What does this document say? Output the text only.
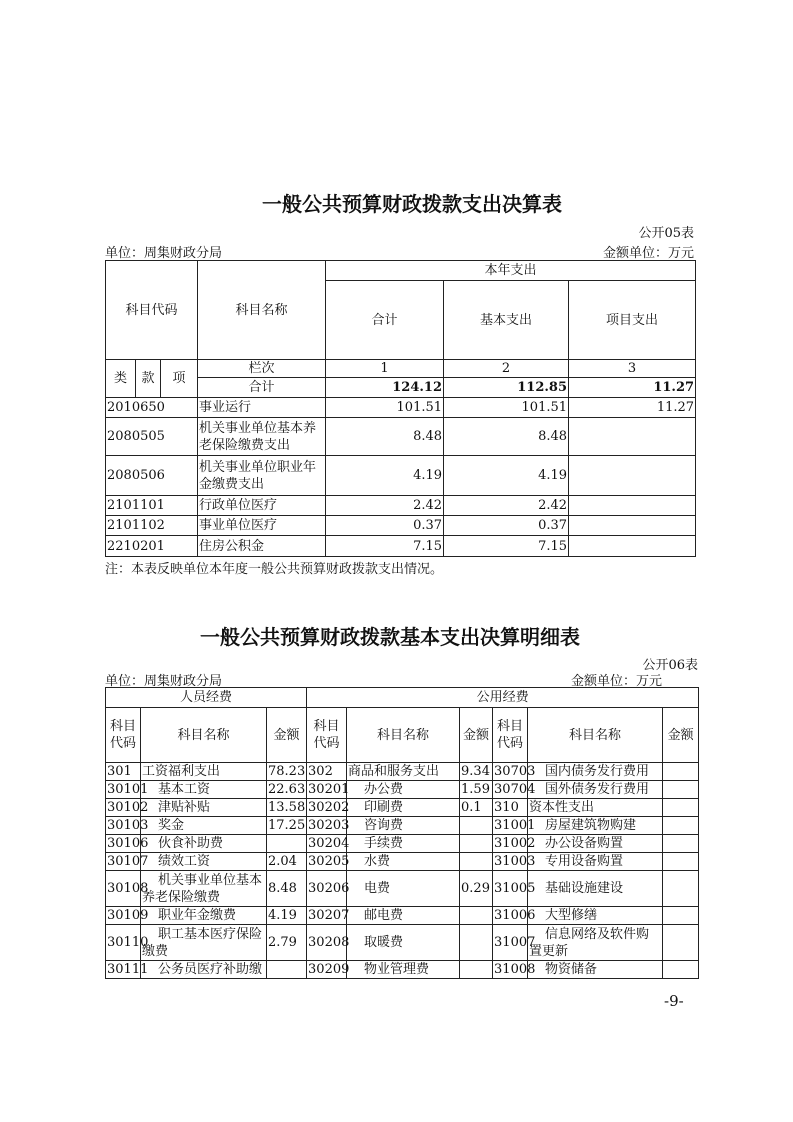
一般公共预算财政拨款支出决算表
公开05表
单位：周集财政分局	金额单位：万元
科目代码			科目名称	本年支出		
				合计	基本支出	项目支出
类	款	项	栏次	1	2	3
			合计	124.12	112.85	11.27
2010650			事业运行	101.51	101.51	11.27
2080505			机关事业单位基本养老保险缴费支出	8.48	8.48	
2080506			机关事业单位职业年金缴费支出	4.19	4.19	
2101101			行政单位医疗	2.42	2.42	
2101102			事业单位医疗	0.37	0.37	
2210201			住房公积金	7.15	7.15	
注：本表反映单位本年度一般公共预算财政拨款支出情况。
一般公共预算财政拨款基本支出决算明细表
公开06表
单位：周集财政分局	金额单位：万元
人员经费			公用经费					
科目代码	科目名称	金额	科目代码	科目名称	金额	科目代码	科目名称	金额
301	工资福利支出	78.23	302	商品和服务支出	9.34	30703	国内债务发行费用	
30101	基本工资	22.63	30201	办公费	1.59	30704	国外债务发行费用	
30102	津贴补贴	13.58	30202	印刷费	0.1	310	资本性支出	
30103	奖金	17.25	30203	咨询费		31001	房屋建筑物购建	
30106	伙食补助费		30204	手续费		31002	办公设备购置	
30107	绩效工资	2.04	30205	水费		31003	专用设备购置	
30108	机关事业单位基本养老保险缴费	8.48	30206	电费	0.29	31005	基础设施建设	
30109	职业年金缴费	4.19	30207	邮电费		31006	大型修缮	
30110	职工基本医疗保险缴费	2.79	30208	取暖费		31007	信息网络及软件购置更新	
30111	公务员医疗补助缴		30209	物业管理费		31008	物资储备	
-9-
